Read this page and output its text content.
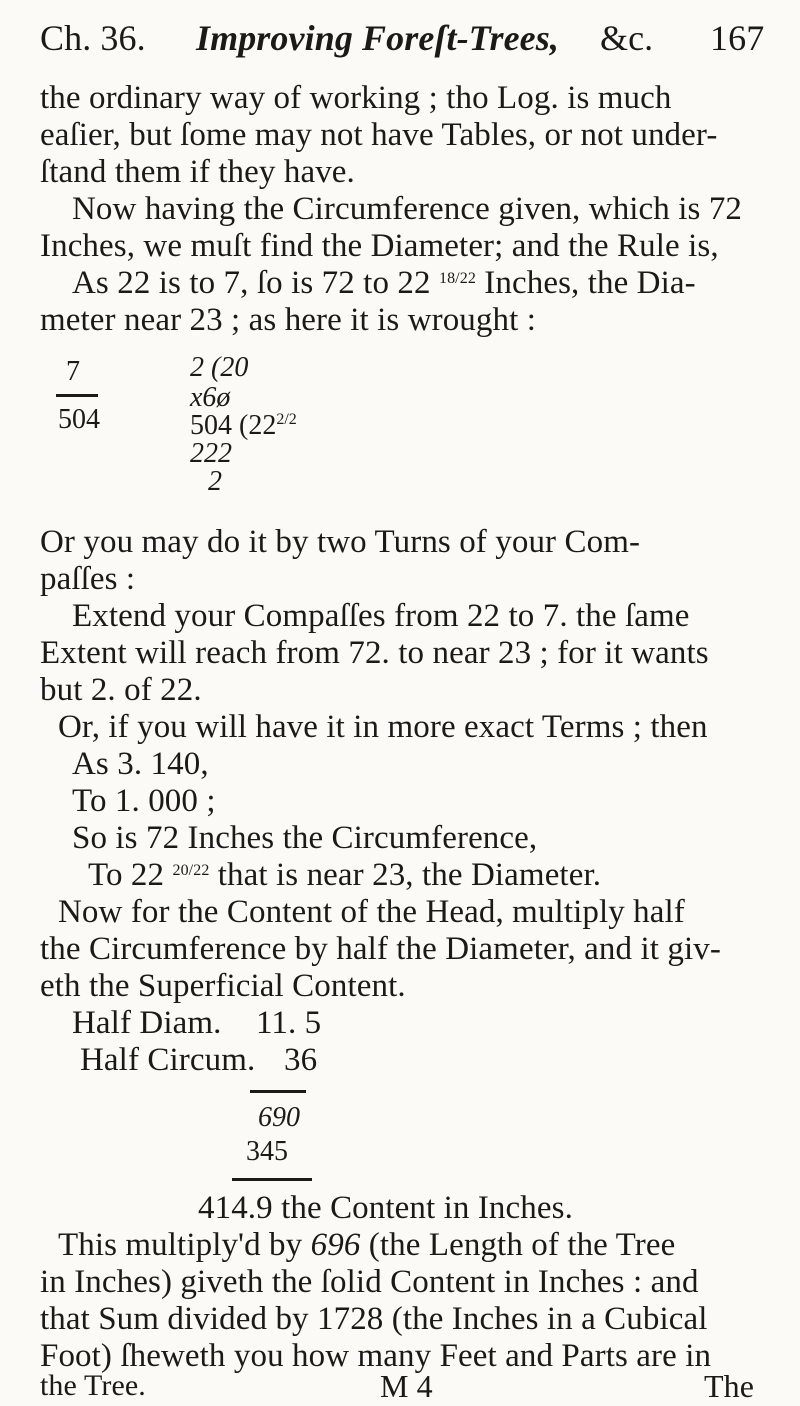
Ch. 36. Improving Foreſt-Trees, &c. 167
the ordinary way of working ; tho Log. is much
eaſier, but ſome may not have Tables, or not under-
ſtand them if they have.
Now having the Circumference given, which is 72
Inches, we muſt find the Diameter; and the Rule is,
As 22 is to 7, ſo is 72 to 22 $^{18/22}$ Inches, the Dia-
meter near 23 ; as here it is wrought :
7
504
2 (20
x6ø
504 ($22^{2/2}$
222
2
Or you may do it by two Turns of your Com-
paſſes :
Extend your Compaſſes from 22 to 7. the ſame
Extent will reach from 72. to near 23 ; for it wants
but 2. of 22.
Or, if you will have it in more exact Terms ; then
As 3. 140,
To 1. 000 ;
So is 72 Inches the Circumference,
To 22 $^{20/22}$ that is near 23, the Diameter.
Now for the Content of the Head, multiply half
the Circumference by half the Diameter, and it giv-
eth the Superficial Content.
Half Diam. 11. 5
Half Circum. 36
690
345
414.9 the Content in Inches.
This multiply'd by 696 (the Length of the Tree
in Inches) giveth the ſolid Content in Inches : and
that Sum divided by 1728 (the Inches in a Cubical
Foot) ſheweth you how many Feet and Parts are in
the Tree.	M 4	The
